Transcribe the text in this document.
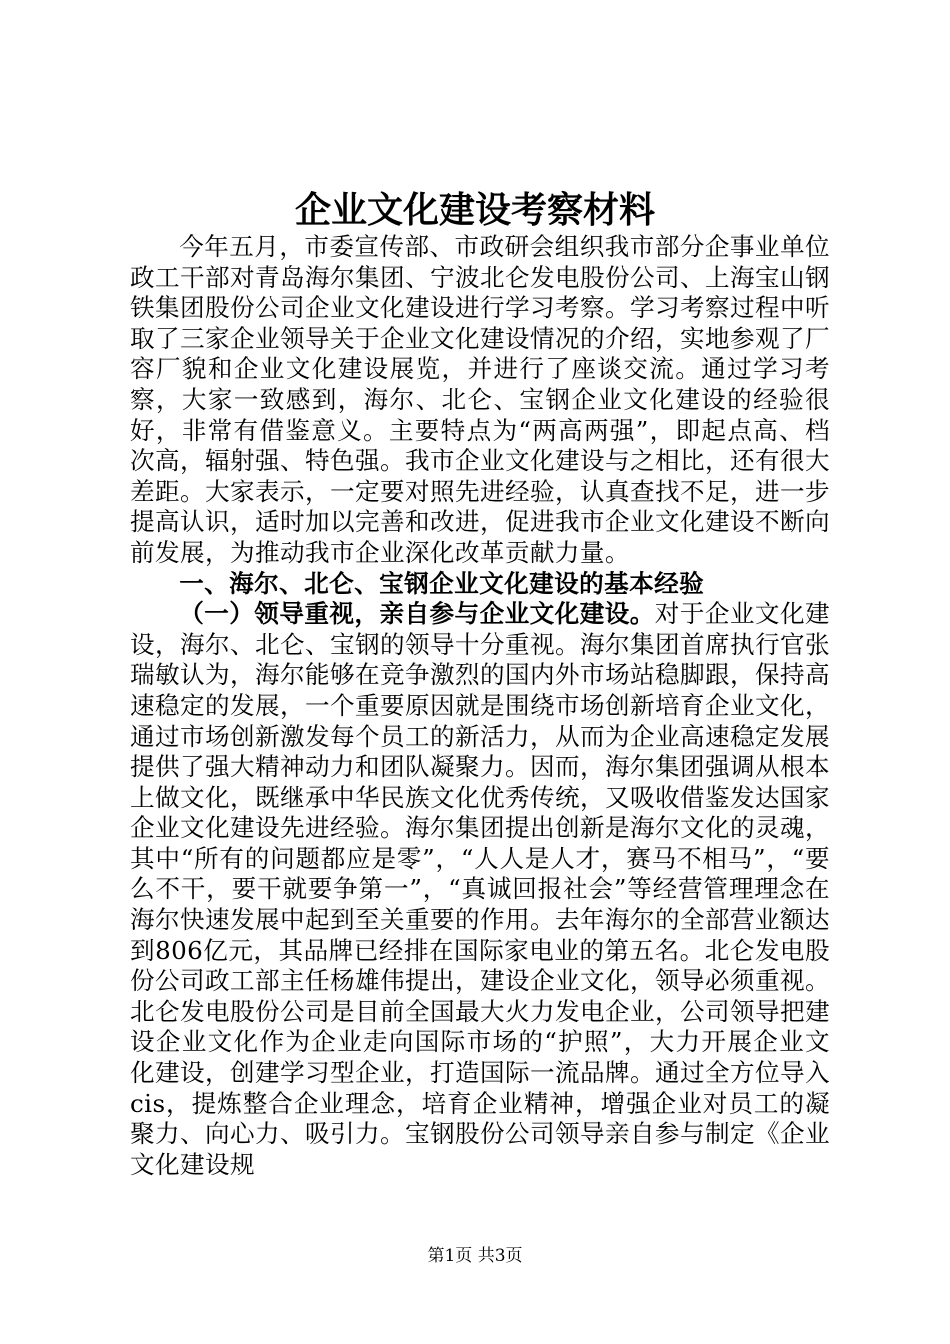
企业文化建设考察材料

今年五月，市委宣传部、市政研会组织我市部分企事业单位政工干部对青岛海尔集团、宁波北仑发电股份公司、上海宝山钢铁集团股份公司企业文化建设进行学习考察。学习考察过程中听取了三家企业领导关于企业文化建设情况的介绍，实地参观了厂容厂貌和企业文化建设展览，并进行了座谈交流。通过学习考察，大家一致感到，海尔、北仑、宝钢企业文化建设的经验很好，非常有借鉴意义。主要特点为“两高两强”，即起点高、档次高，辐射强、特色强。我市企业文化建设与之相比，还有很大差距。大家表示，一定要对照先进经验，认真查找不足，进一步提高认识，适时加以完善和改进，促进我市企业文化建设不断向前发展，为推动我市企业深化改革贡献力量。

一、海尔、北仑、宝钢企业文化建设的基本经验

（一）领导重视，亲自参与企业文化建设。对于企业文化建设，海尔、北仑、宝钢的领导十分重视。海尔集团首席执行官张瑞敏认为，海尔能够在竞争激烈的国内外市场站稳脚跟，保持高速稳定的发展，一个重要原因就是围绕市场创新培育企业文化，通过市场创新激发每个员工的新活力，从而为企业高速稳定发展提供了强大精神动力和团队凝聚力。因而，海尔集团强调从根本上做文化，既继承中华民族文化优秀传统，又吸收借鉴发达国家企业文化建设先进经验。海尔集团提出创新是海尔文化的灵魂，其中“所有的问题都应是零”，“人人是人才，赛马不相马”，“要么不干，要干就要争第一”，“真诚回报社会”等经营管理理念在海尔快速发展中起到至关重要的作用。去年海尔的全部营业额达到806亿元，其品牌已经排在国际家电业的第五名。北仑发电股份公司政工部主任杨雄伟提出，建设企业文化，领导必须重视。北仑发电股份公司是目前全国最大火力发电企业，公司领导把建设企业文化作为企业走向国际市场的“护照”，大力开展企业文化建设，创建学习型企业，打造国际一流品牌。通过全方位导入cis，提炼整合企业理念，培育企业精神，增强企业对员工的凝聚力、向心力、吸引力。宝钢股份公司领导亲自参与制定《企业文化建设规

第1页 共3页
